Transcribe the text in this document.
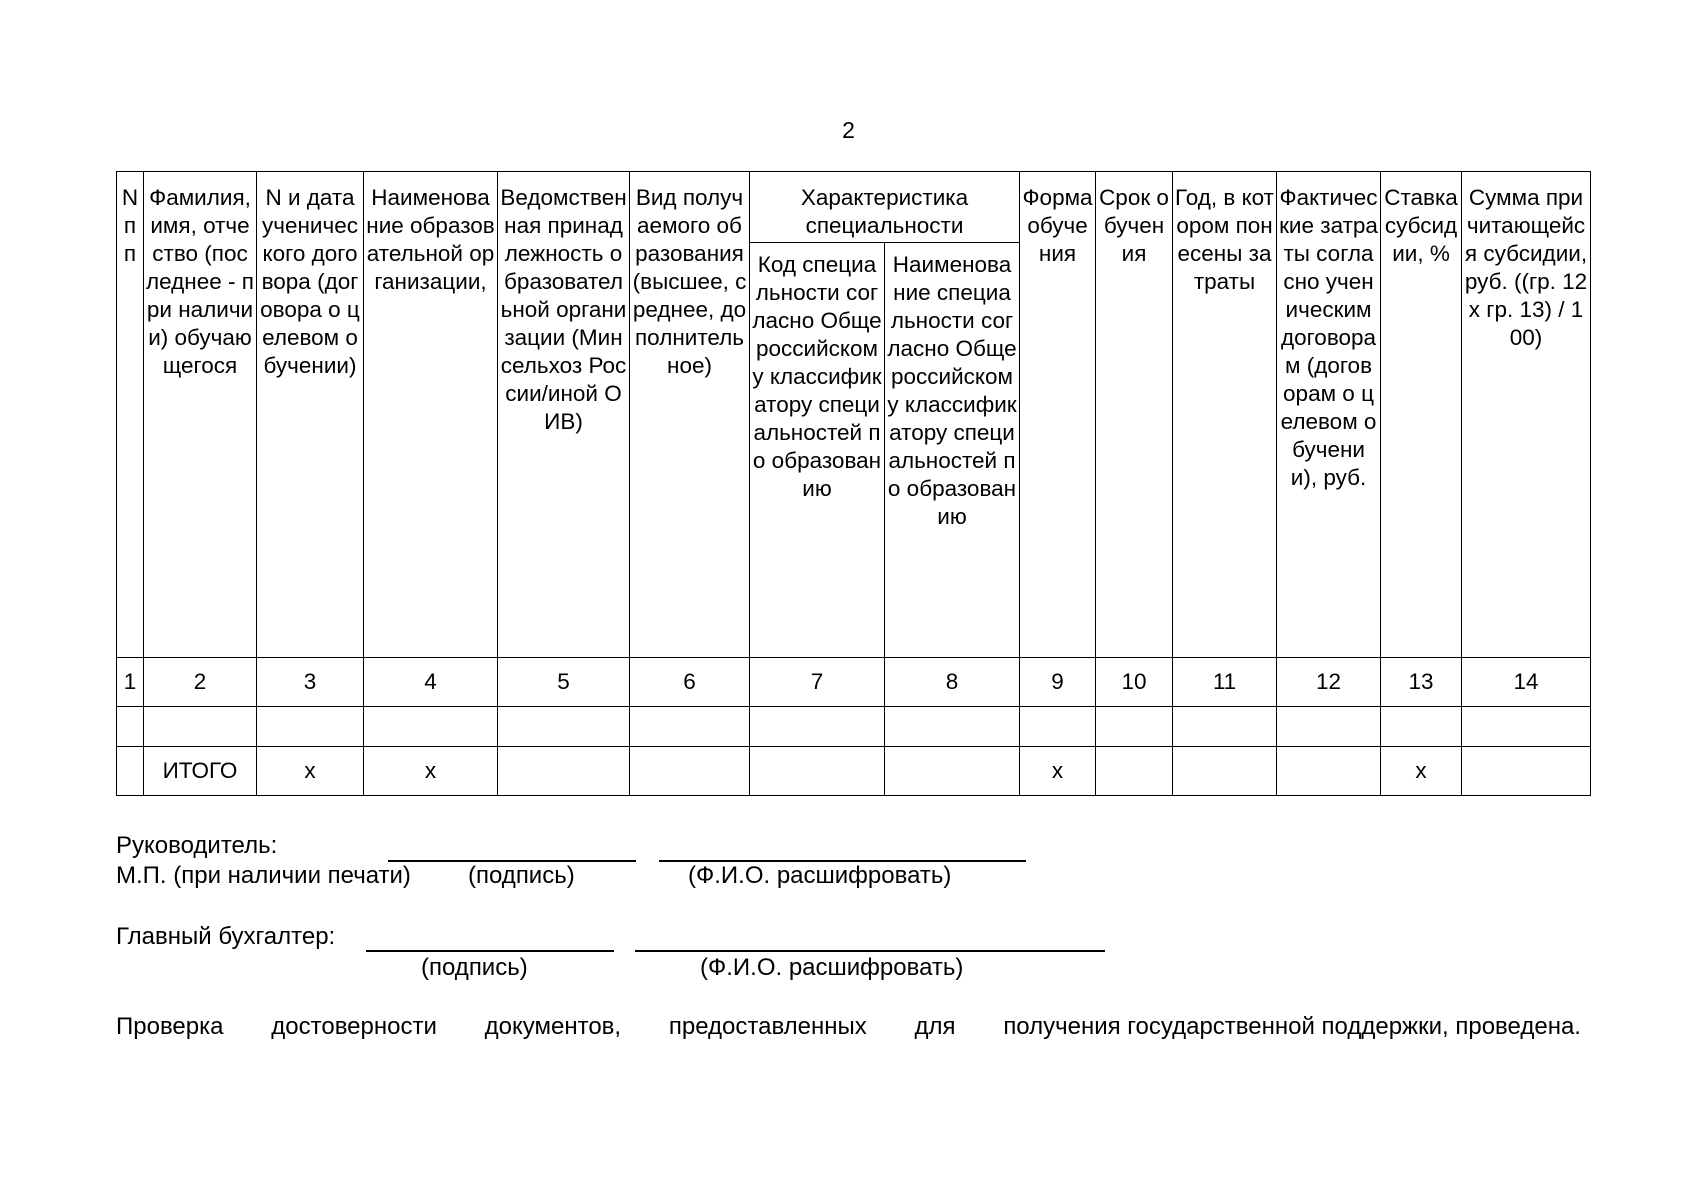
2
N п п	Фамилия, имя, отчество (последнее - при наличии) обучающегося	N и дата ученического договора (договора о целевом обучении)	Наименование образовательной организации,	Ведомственная принадлежность образовательной организации (Минсельхоз России/иной ОИВ)	Вид получаемого образования (высшее, среднее, дополнительное)	Характеристика специальности		Форма обучения	Срок обучения	Год, в котором понесены затраты	Фактические затраты согласно ученическим договорам (договорам о целевом обучении), руб.	Ставка субсидии, %	Сумма причитающейся субсидии, руб. ((гр. 12 x гр. 13) / 100)
						Код специальности согласно Общероссийскому классификатору специальностей по образованию	Наименование специальности согласно Общероссийскому классификатору специальностей по образованию						
1	2	3	4	5	6	7	8	9	10	11	12	13	14

	ИТОГО	x	x					x				x	
Руководитель:
М.П. (при наличии печати) (подпись)	(Ф.И.О. расшифровать)
Главный бухгалтер:
(подпись)	(Ф.И.О. расшифровать)
Проверка достоверности документов, предоставленных для получения государственной поддержки, проведена.
